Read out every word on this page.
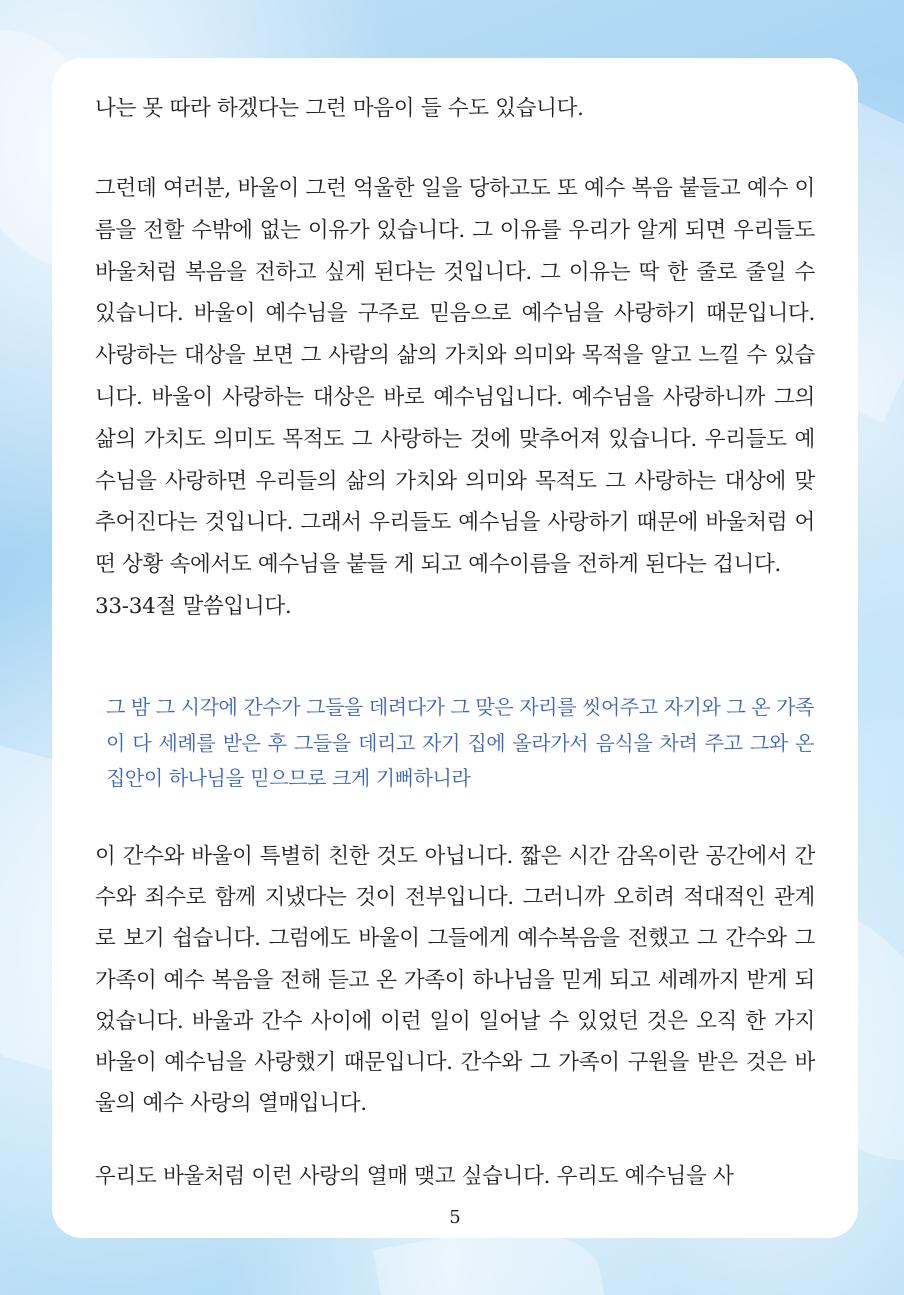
나는 못 따라 하겠다는 그런 마음이 들 수도 있습니다.
그런데 여러분, 바울이 그런 억울한 일을 당하고도 또 예수 복음 붙들고 예수 이름을 전할 수밖에 없는 이유가 있습니다. 그 이유를 우리가 알게 되면 우리들도 바울처럼 복음을 전하고 싶게 된다는 것입니다. 그 이유는 딱 한 줄로 줄일 수 있습니다. 바울이 예수님을 구주로 믿음으로 예수님을 사랑하기 때문입니다. 사랑하는 대상을 보면 그 사람의 삶의 가치와 의미와 목적을 알고 느낄 수 있습니다. 바울이 사랑하는 대상은 바로 예수님입니다. 예수님을 사랑하니까 그의 삶의 가치도 의미도 목적도 그 사랑하는 것에 맞추어져 있습니다. 우리들도 예수님을 사랑하면 우리들의 삶의 가치와 의미와 목적도 그 사랑하는 대상에 맞추어진다는 것입니다. 그래서 우리들도 예수님을 사랑하기 때문에 바울처럼 어떤 상황 속에서도 예수님을 붙들 게 되고 예수이름을 전하게 된다는 겁니다.
33-34절 말씀입니다.
그 밤 그 시각에 간수가 그들을 데려다가 그 맞은 자리를 씻어주고 자기와 그 온 가족이 다 세례를 받은 후 그들을 데리고 자기 집에 올라가서 음식을 차려 주고 그와 온 집안이 하나님을 믿으므로 크게 기뻐하니라
이 간수와 바울이 특별히 친한 것도 아닙니다. 짧은 시간 감옥이란 공간에서 간수와 죄수로 함께 지냈다는 것이 전부입니다. 그러니까 오히려 적대적인 관계로 보기 쉽습니다. 그럼에도 바울이 그들에게 예수복음을 전했고 그 간수와 그 가족이 예수 복음을 전해 듣고 온 가족이 하나님을 믿게 되고 세례까지 받게 되었습니다. 바울과 간수 사이에 이런 일이 일어날 수 있었던 것은 오직 한 가지 바울이 예수님을 사랑했기 때문입니다. 간수와 그 가족이 구원을 받은 것은 바울의 예수 사랑의 열매입니다.
우리도 바울처럼 이런 사랑의 열매 맺고 싶습니다. 우리도 예수님을 사
5
